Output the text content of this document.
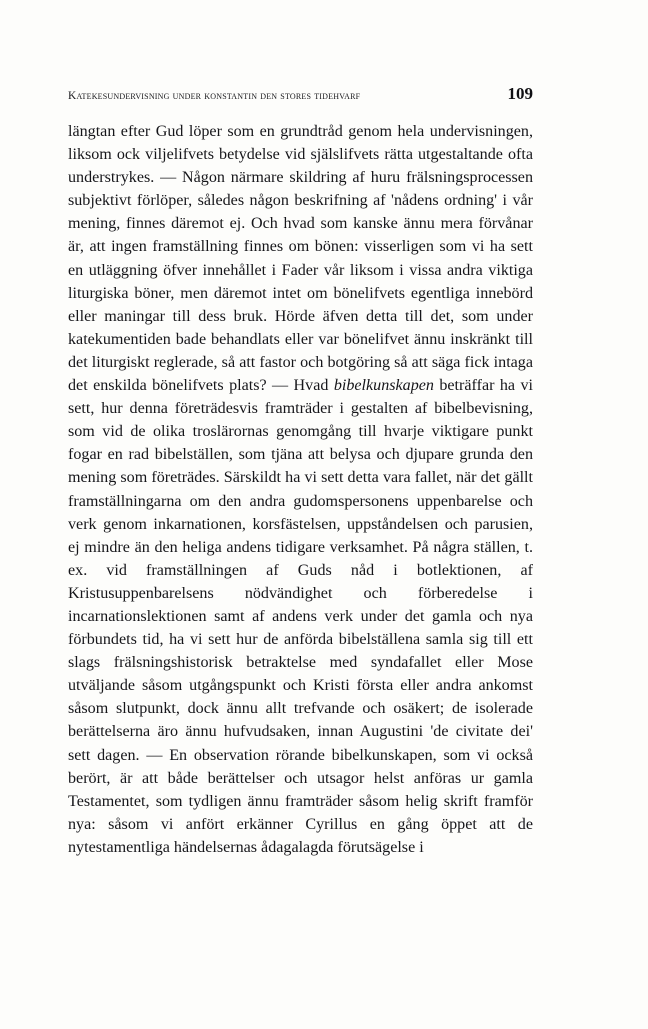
Katekesundervisning under konstantin den stores tidehvarf	109

längtan efter Gud löper som en grundtråd genom hela undervisningen, liksom ock viljelifvets betydelse vid själslifvets rätta utgestaltande ofta understrykes. — Någon närmare skildring af huru frälsningsprocessen subjektivt förlöper, således någon beskrifning af 'nådens ordning' i vår mening, finnes däremot ej. Och hvad som kanske ännu mera förvånar är, att ingen framställning finnes om bönen: visserligen som vi ha sett en utläggning öfver innehållet i Fader vår liksom i vissa andra viktiga liturgiska böner, men däremot intet om bönelifvets egentliga innebörd eller maningar till dess bruk. Hörde äfven detta till det, som under katekumentiden bade behandlats eller var bönelifvet ännu inskränkt till det liturgiskt reglerade, så att fastor och botgöring så att säga fick intaga det enskilda bönelifvets plats? — Hvad bibelkunskapen beträffar ha vi sett, hur denna företrädesvis framträder i gestalten af bibelbevisning, som vid de olika troslärornas genomgång till hvarje viktigare punkt fogar en rad bibelställen, som tjäna att belysa och djupare grunda den mening som företrädes. Särskildt ha vi sett detta vara fallet, när det gällt framställningarna om den andra gudomspersonens uppenbarelse och verk genom inkarnationen, korsfästelsen, uppståndelsen och parusien, ej mindre än den heliga andens tidigare verksamhet. På några ställen, t. ex. vid framställningen af Guds nåd i botlektionen, af Kristusuppenbarelsens nödvändighet och förberedelse i incarnationslektionen samt af andens verk under det gamla och nya förbundets tid, ha vi sett hur de anförda bibelställena samla sig till ett slags frälsningshistorisk betraktelse med syndafallet eller Mose utväljande såsom utgångspunkt och Kristi första eller andra ankomst såsom slutpunkt, dock ännu allt trefvande och osäkert; de isolerade berättelserna äro ännu hufvudsaken, innan Augustini 'de civitate dei' sett dagen. — En observation rörande bibelkunskapen, som vi också berört, är att både berättelser och utsagor helst anföras ur gamla Testamentet, som tydligen ännu framträder såsom helig skrift framför nya: såsom vi anfört erkänner Cyrillus en gång öppet att de nytestamentliga händelsernas ådagalagda förutsägelse i
